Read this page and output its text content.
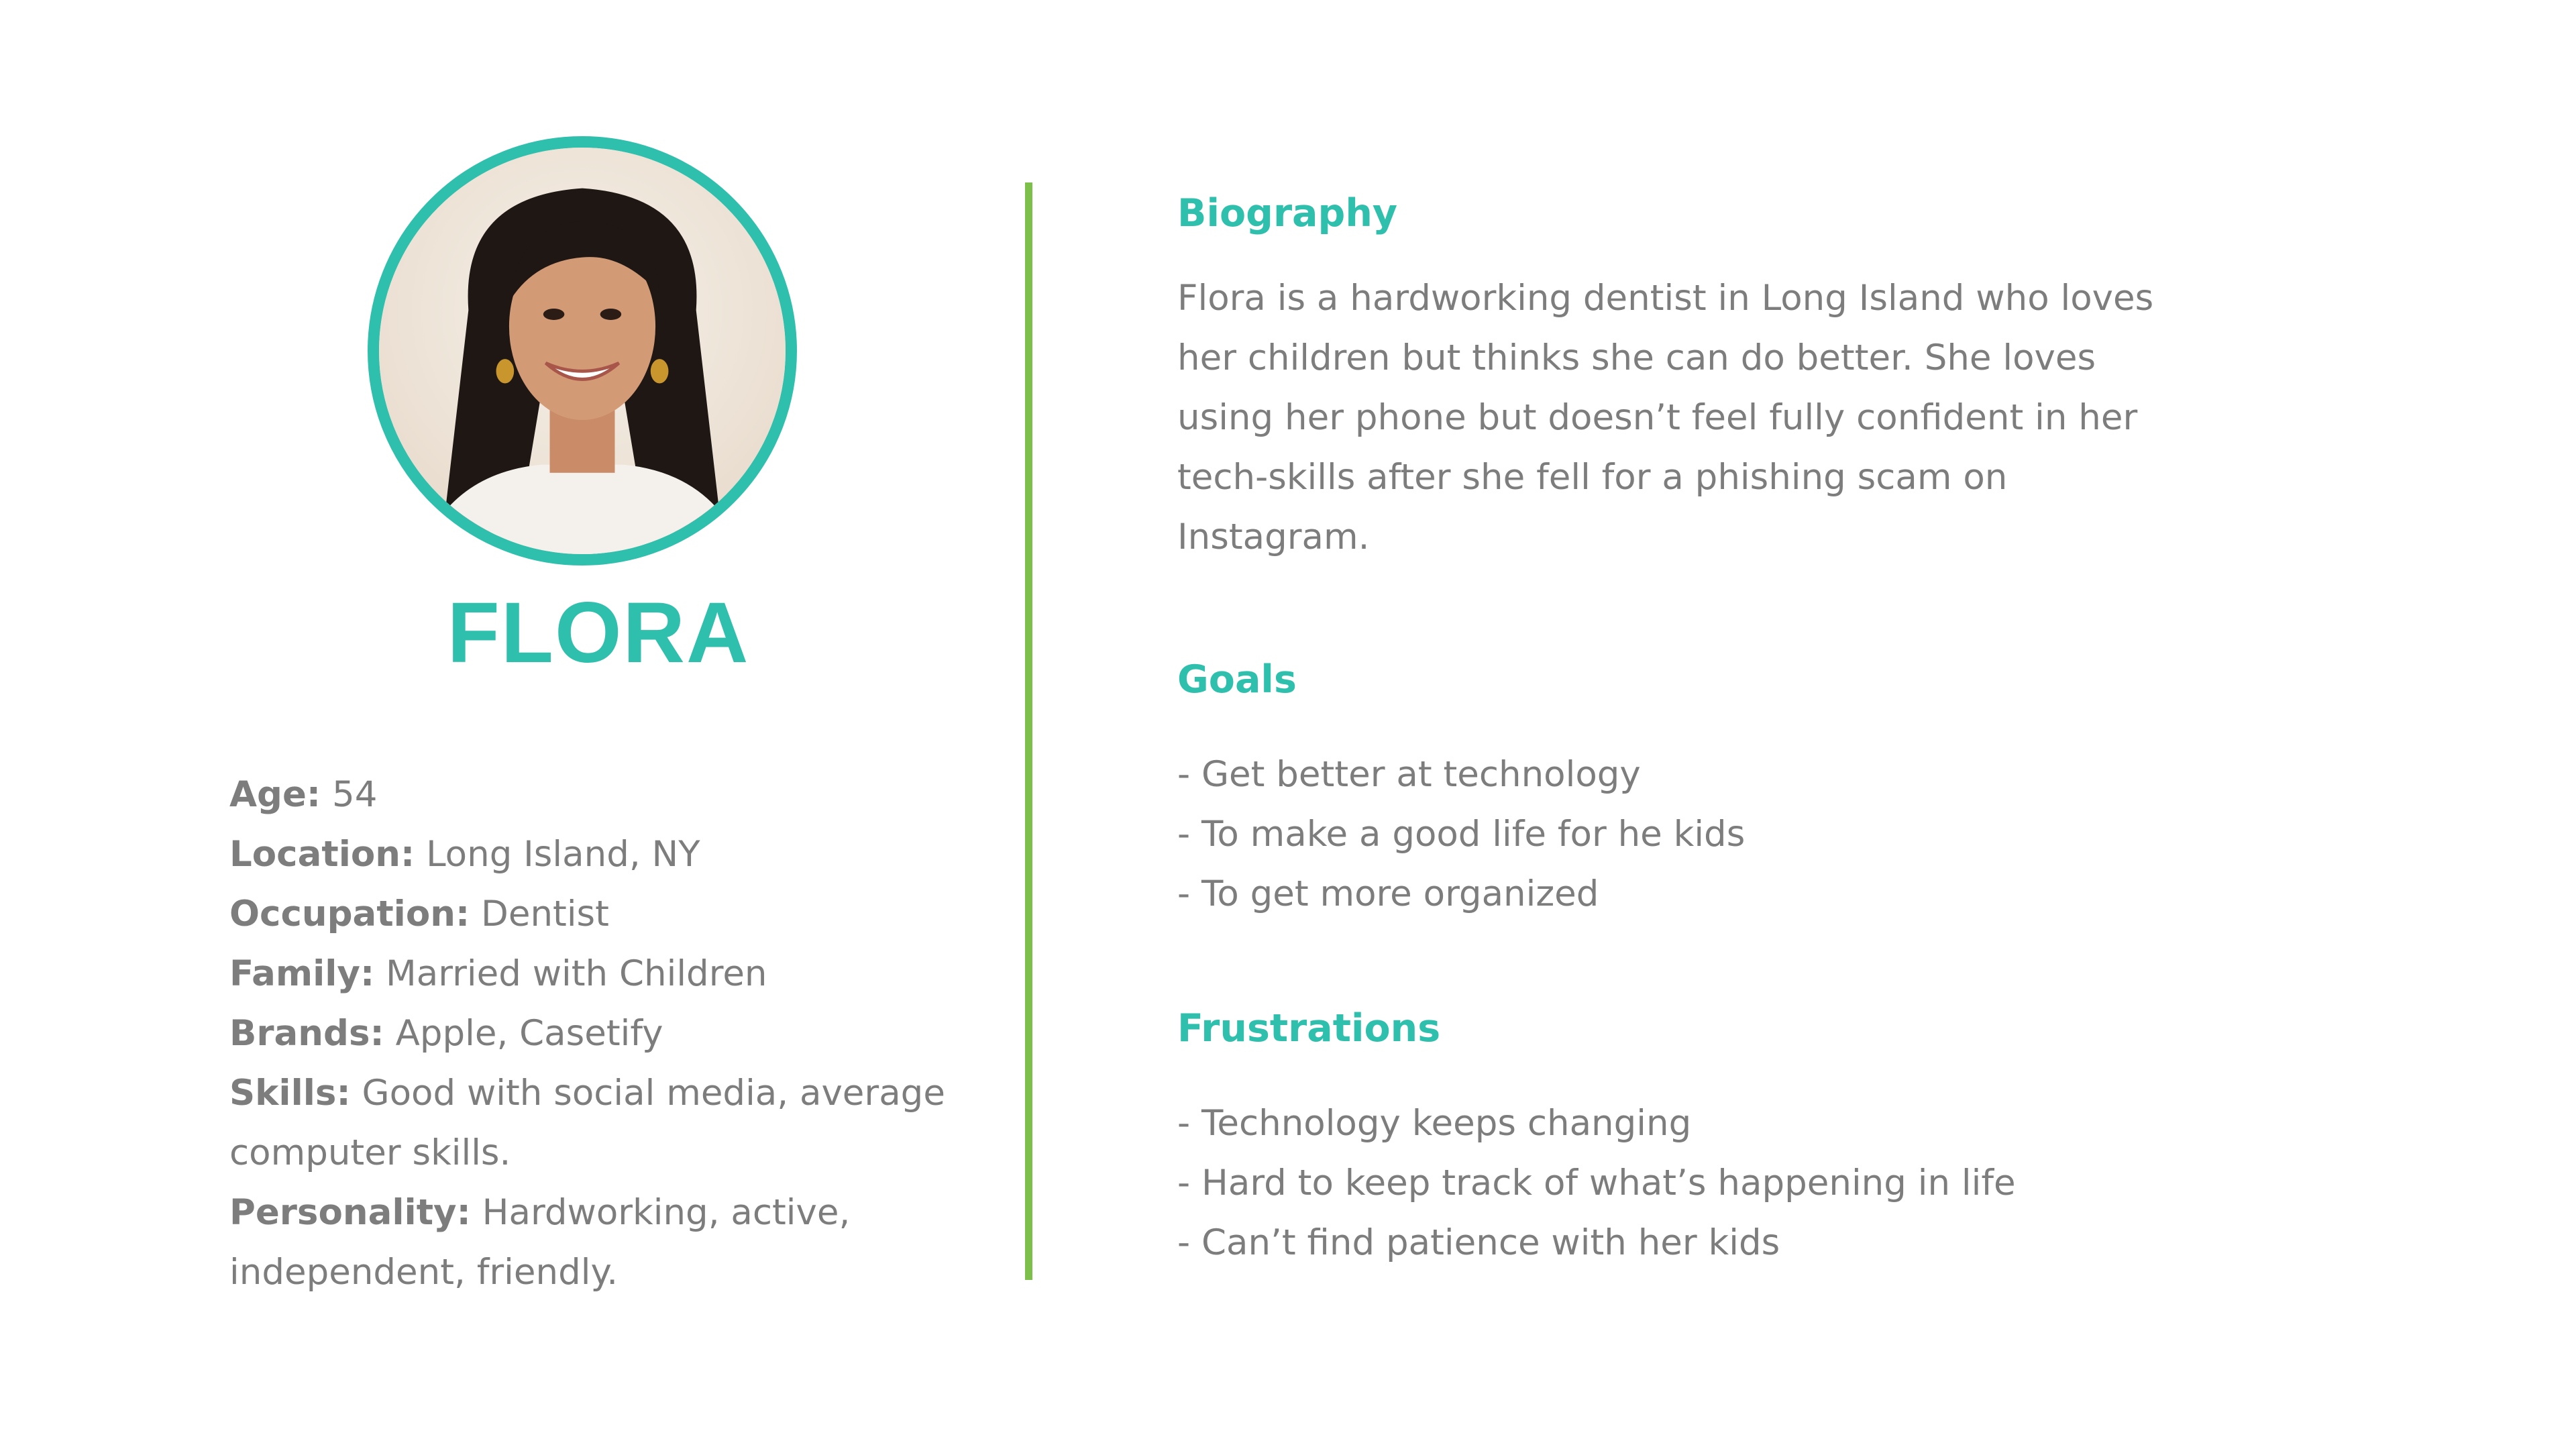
FLORA
Age: 54
Location: Long Island, NY
Occupation: Dentist
Family: Married with Children
Brands: Apple, Casetify
Skills: Good with social media, average computer skills.
Personality: Hardworking, active, independent, friendly.
Biography

Flora is a hardworking dentist in Long Island who loves her children but thinks she can do better. She loves using her phone but doesn’t feel fully confident in her tech-skills after she fell for a phishing scam on Instagram.

Goals
- Get better at technology
- To make a good life for he kids
- To get more organized
Frustrations
- Technology keeps changing
- Hard to keep track of what’s happening in life
- Can’t find patience with her kids
